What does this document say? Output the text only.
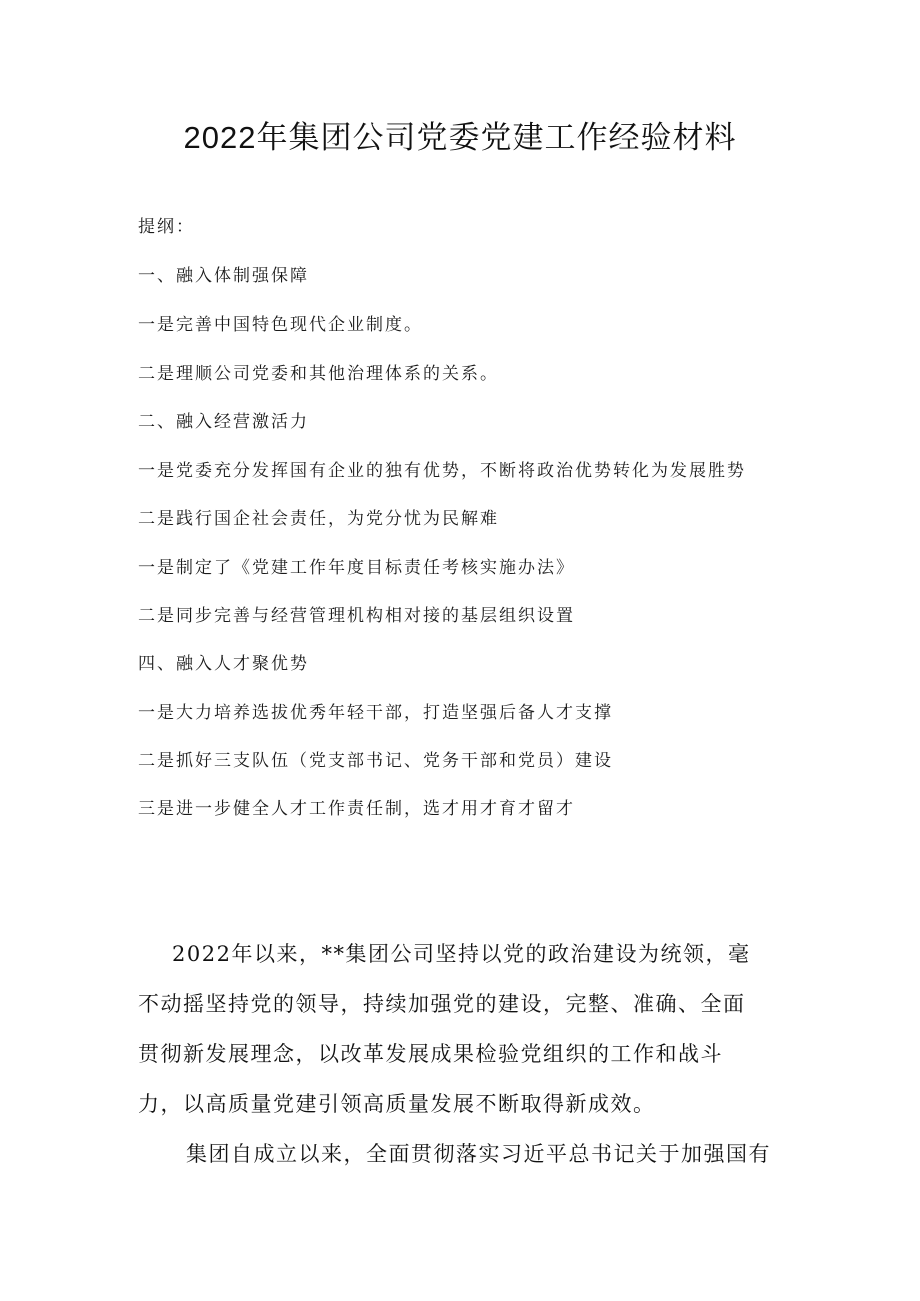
2022年集团公司党委党建工作经验材料
提纲：
一、融入体制强保障
一是完善中国特色现代企业制度。
二是理顺公司党委和其他治理体系的关系。
二、融入经营激活力
一是党委充分发挥国有企业的独有优势，不断将政治优势转化为发展胜势
二是践行国企社会责任，为党分忧为民解难
一是制定了《党建工作年度目标责任考核实施办法》
二是同步完善与经营管理机构相对接的基层组织设置
四、融入人才聚优势
一是大力培养选拔优秀年轻干部，打造坚强后备人才支撑
二是抓好三支队伍（党支部书记、党务干部和党员）建设
三是进一步健全人才工作责任制，选才用才育才留才
2022年以来，**集团公司坚持以党的政治建设为统领，毫
不动摇坚持党的领导，持续加强党的建设，完整、准确、全面
贯彻新发展理念，以改革发展成果检验党组织的工作和战斗
力，以高质量党建引领高质量发展不断取得新成效。
集团自成立以来，全面贯彻落实习近平总书记关于加强国有
